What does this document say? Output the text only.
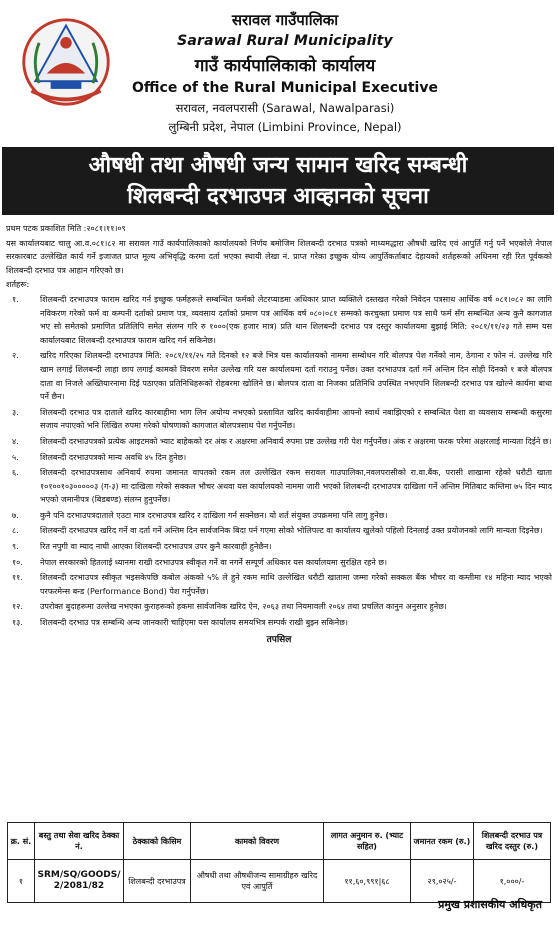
सरावल गाउँपालिका
Sarawal Rural Municipality
गाउँ कार्यपालिकाको कार्यालय
Office of the Rural Municipal Executive
सरावल, नवलपरासी (Sarawal, Nawalparasi)
लुम्बिनी प्रदेश, नेपाल (Limbini Province, Nepal)
औषधी तथा औषधी जन्य सामान खरिद सम्बन्धी
शिलबन्दी दरभाउपत्र आव्हानको सूचना

प्रथम पटक प्रकाशित मिति :२०८१।११।०९

यस कार्यालयबाट चालु आ.व.०८१।८२ मा सरावल गाउँ कार्यपालिकाको कार्यालयको निर्णय बमोजिम शिलबन्दी दरभाउ पत्रको माध्यमद्धारा औषधी खरिद एवं आपुर्ति गर्नु पर्ने भएकोले नेपाल सरकारबाट उल्लेखित कार्य गर्ने इजाजत प्राप्त मूल्य अभिवृद्धि करमा दर्ता भएका स्थायी लेखा नं. प्राप्त गरेका इच्छुक योग्य आपुर्तिकर्ताबाट देहायको शर्तहरूको अधिनमा रही रित पूर्वकको शिलबन्दी दरभाउ पत्र आहान गरिएको छ।

शर्तहरू:

१.	शिलबन्दी दरभाउपत्र फाराम खरिद गर्न इच्छुक फर्महरूले सम्बन्धित फर्मको लेटरप्याडमा अधिकार प्राप्त व्यक्तिले दस्तखत गरेको निवेदन पत्रसाथ आर्थिक वर्ष ०८१।०८२ का लागि नविकरण गरेको फर्म वा कम्पनी दर्ताको प्रमाण पत्र, व्यवसाय दर्ताको प्रमाण पत्र आर्थिक वर्ष ०८०।०८१ सम्मको करचुक्ता प्रमाण पत्र साथै फर्म सँग सम्बन्धित अन्य कुनै कागजात भए सो समेतको प्रमाणित प्रतिलिपि समेत संलग्न गरि रु १०००(एक हजार मात्र) प्रति थान शिलबन्दी दरभाउ पत्र दस्तुर कार्यालयमा बुझाई मिति: २०८१/११/२३ गते सम्म यस कार्यालयबाट शिलबन्दी दरभाउपत्र फाराम खरिद गर्न सकिनेछ।
२.	खरिद गरिएका शिलबन्दी दरभाउपत्र मिति: २०८१/११/२५ गते दिनको १२ बजे भित्र यस कार्यालयको नाममा सम्बोधन गरि बोलपत्र पेश गर्नेको नाम, ठेगाना र फोन नं. उल्लेख गरि खाम लगाई शिलबन्दी लाहा छाप लगाई कामको विवरण समेत उल्लेख गरि यस कार्यालयमा दर्ता गराउनु पर्नेछ। उक्त दरभाउपत्र दर्ता गर्ने अन्तिम दिन सोही दिनको १ बजे बोलपत्र दाता वा निजले अख्तियारनामा दिई पठाएका प्रतिनिधिहरूको रोहबरमा खोलिने छ। बोलपत्र दाता वा निजका प्रतिनिधि उपस्थित नभएपनि शिलबन्दी दरभाउ पत्र खोल्ने कार्यमा बाधा पर्ने छैन।
३.	शिलबन्दी दरभाउ पत्र दाताले खरिद कारबाहीमा भाग लिन अयोग्य नभएको प्रस्तावित खरिद कार्यवाहीमा आफ्नो स्वार्थ नबाझिएको र सम्बन्धित पेशा वा व्यवसाय सम्बन्धी कसुरमा सजाय नपाएको भनि लिखित रुपमा गरेको घोषणाको कागजात बोलपत्रसाथ पेश गर्नुपर्नेछ।
४.	शिलबन्दी दरभाउपत्रको प्रत्येक आइटमको भ्याट बाहेकको दर अंक र अक्षरमा अनिवार्य रुपमा प्रष्ट उल्लेख गरी पेश गर्नुपर्नेछ। अंक र अक्षरमा फरक परेमा अक्षरलाई मान्यता दिईने छ।
५.	शिलबन्दी दरभाउपत्रको मान्य अवधि ४५ दिन हुनेछ।
६.	शिलबन्दी दरभाउपत्रसाथ अनिवार्य रुपमा जमानत वापतको रकम तल उल्लेखित रकम सरावल गाउपालिका,नवलपरासीको रा.वा.बैंक, परासी शाखामा रहेको धरौटी खाता १०१००१०३०००००३ (ग-३) मा दाखिला गरेको सक्कल भौचर अथवा यस कार्यालयको नाममा जारी भएको शिलबन्दी दरभाउपत्र दाखिला गर्ने अन्तिम मितिबाट कम्तिमा ७५ दिन म्याद भएको जमानीपत्र (बिडबण्ड) संलग्न हुनुपर्नेछ।
७.	कुनै पनि दरभाउपत्रदाताले एउटा मात्र दरभाउपत्र खरिद र दाखिला गर्न सक्नेछन। यो शर्त संयुक्त उपक्रममा पनि लागु हुनेछ।
८.	शिलबन्दी दरभाउपत्र खरिद गर्ने वा दर्ता गर्ने अन्तिम दिन सार्वजनिक बिदा पर्न गएमा सोको भोलिपल्ट वा कार्यालय खुलेको पहिलो दिनलाई उक्त प्रयोजनको लागि मान्यता दिइनेछ।
९.	रित नपुगी वा म्याद नाघी आएका शिलबन्दी दरभाउपत्र उपर कुनै कारवाही हुनेछैन।
१०.	नेपाल सरकारको हितलाई ध्यानमा राखी दरभाउपत्र स्वीकृत गर्ने वा नगर्ने सम्पूर्ण अधिकार यस कार्यालयमा सुरक्षित रहने छ।
११.	शिलबन्दी दरभाउपत्र स्वीकृत भइसकेपछि कबोल अंकको ५% ले हुने रकम माथि उल्लेखित धरौटी खातामा जम्मा गरेको सक्कल बैंक भौचर वा कम्तीमा १४ महिना म्याद भएको परफरमेन्स बन्ड (Performance Bond) पेश गर्नुपर्नेछ।
१२.	उपरोक्त बुदाहरूमा उल्लेख नभएका कुराहरूको हकमा सार्वजनिक खरिद ऐन, २०६३ तथा नियमावली २०६४ तथा प्रचलित कानुन अनुसार हुनेछ।
१३.	शिलबन्दी दरभाउ पत्र सम्बन्धि अन्य जानकारी चाहिएमा यस कार्यालय समयभित्र सम्पर्क राखी बुझ्न सकिनेछ।
तपसिल
क्र. सं.	बस्तु तथा सेवा खरिद ठेक्का नं.	ठेक्काको किसिम	कामको विवरण	लागत अनुमान रु. (भ्याट सहित)	जमानत रकम (रु.)	शिलबन्दी दरभाउ पत्र खरिद दस्तुर (रु.)
१	SRM/SQ/GOODS/ 2/2081/82	शिलबन्दी दरभाउपत्र	औषधी तथा औषधीजन्य सामाग्रीहरु खरिद एवं आपुर्ति	११,६०,९९१|६८	२९,०२५/-	१,०००/-
प्रमुख प्रशासकीय अधिकृत
